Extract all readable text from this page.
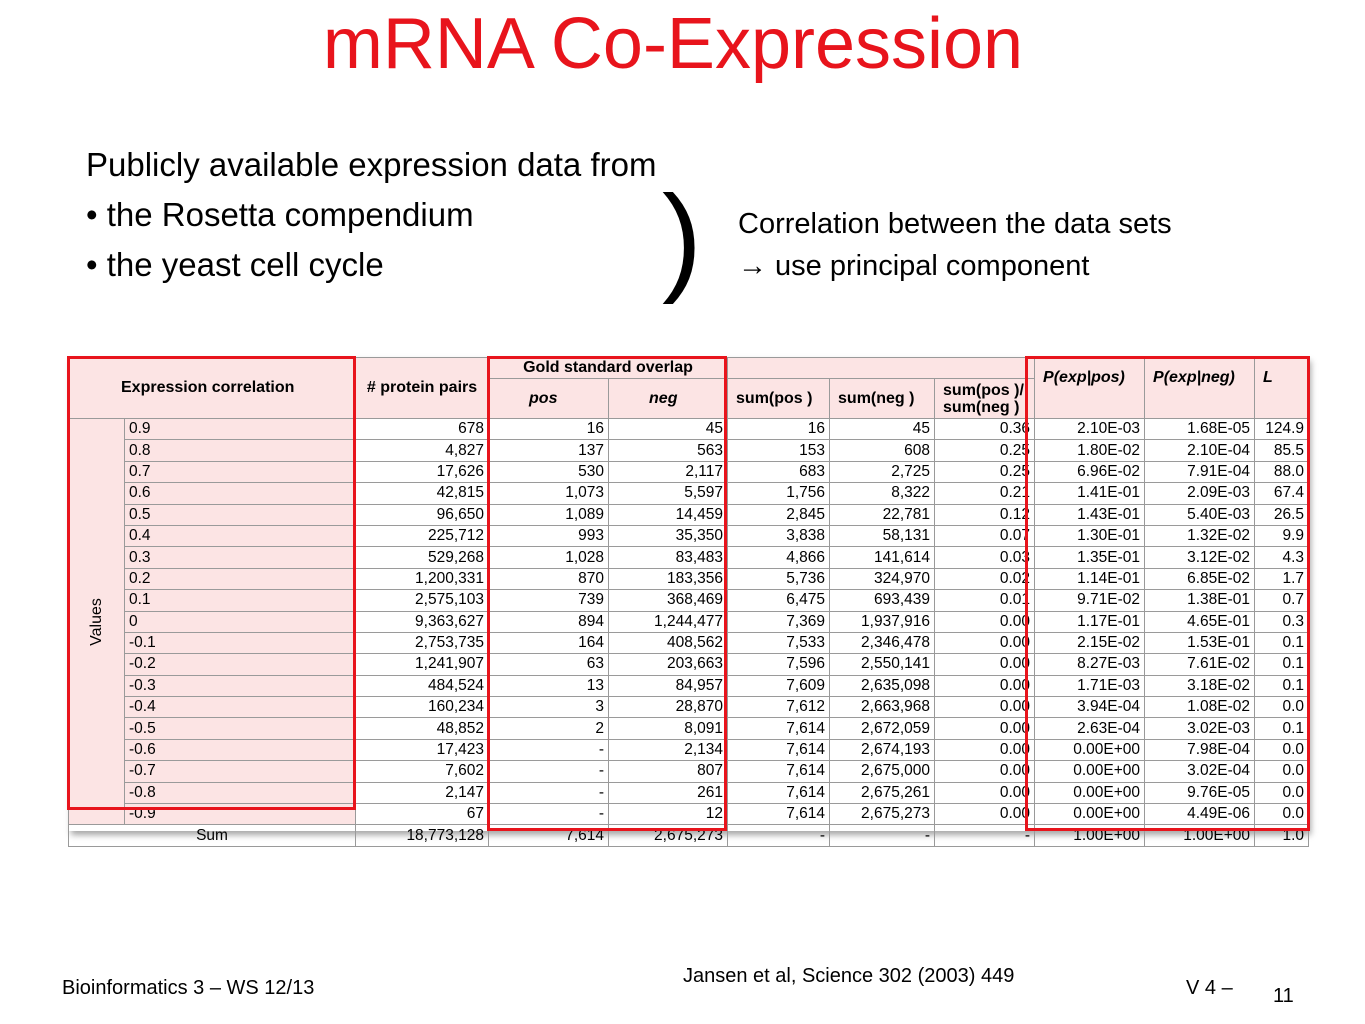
mRNA Co-Expression
Publicly available expression data from
• the Rosetta compendium
• the yeast cell cycle	) Correlation between the data sets
→ use principal component
Expression correlation		# protein pairs	Gold standard overlap					P(exp|pos)	P(exp|neg)	L
			pos	neg	sum(pos )	sum(neg )	sum(pos )/
sum(neg )			

Values	0.9	678	16	45	16	45	0.36	2.10E-03	1.68E-05	124.9
	0.8	4,827	137	563	153	608	0.25	1.80E-02	2.10E-04	85.5
	0.7	17,626	530	2,117	683	2,725	0.25	6.96E-02	7.91E-04	88.0
	0.6	42,815	1,073	5,597	1,756	8,322	0.21	1.41E-01	2.09E-03	67.4
	0.5	96,650	1,089	14,459	2,845	22,781	0.12	1.43E-01	5.40E-03	26.5
	0.4	225,712	993	35,350	3,838	58,131	0.07	1.30E-01	1.32E-02	9.9
	0.3	529,268	1,028	83,483	4,866	141,614	0.03	1.35E-01	3.12E-02	4.3
	0.2	1,200,331	870	183,356	5,736	324,970	0.02	1.14E-01	6.85E-02	1.7
	0.1	2,575,103	739	368,469	6,475	693,439	0.01	9.71E-02	1.38E-01	0.7
	0	9,363,627	894	1,244,477	7,369	1,937,916	0.00	1.17E-01	4.65E-01	0.3
	-0.1	2,753,735	164	408,562	7,533	2,346,478	0.00	2.15E-02	1.53E-01	0.1
	-0.2	1,241,907	63	203,663	7,596	2,550,141	0.00	8.27E-03	7.61E-02	0.1
	-0.3	484,524	13	84,957	7,609	2,635,098	0.00	1.71E-03	3.18E-02	0.1
	-0.4	160,234	3	28,870	7,612	2,663,968	0.00	3.94E-04	1.08E-02	0.0
	-0.5	48,852	2	8,091	7,614	2,672,059	0.00	2.63E-04	3.02E-03	0.1
	-0.6	17,423	-	2,134	7,614	2,674,193	0.00	0.00E+00	7.98E-04	0.0
	-0.7	7,602	-	807	7,614	2,675,000	0.00	0.00E+00	3.02E-04	0.0
	-0.8	2,147	-	261	7,614	2,675,261	0.00	0.00E+00	9.76E-05	0.0
	-0.9	67	-	12	7,614	2,675,273	0.00	0.00E+00	4.49E-06	0.0
Sum		18,773,128	7,614	2,675,273	-	-	-	1.00E+00	1.00E+00	1.0
Bioinformatics 3 – WS 12/13
Jansen et al, Science 302 (2003) 449
V 4 – 11
